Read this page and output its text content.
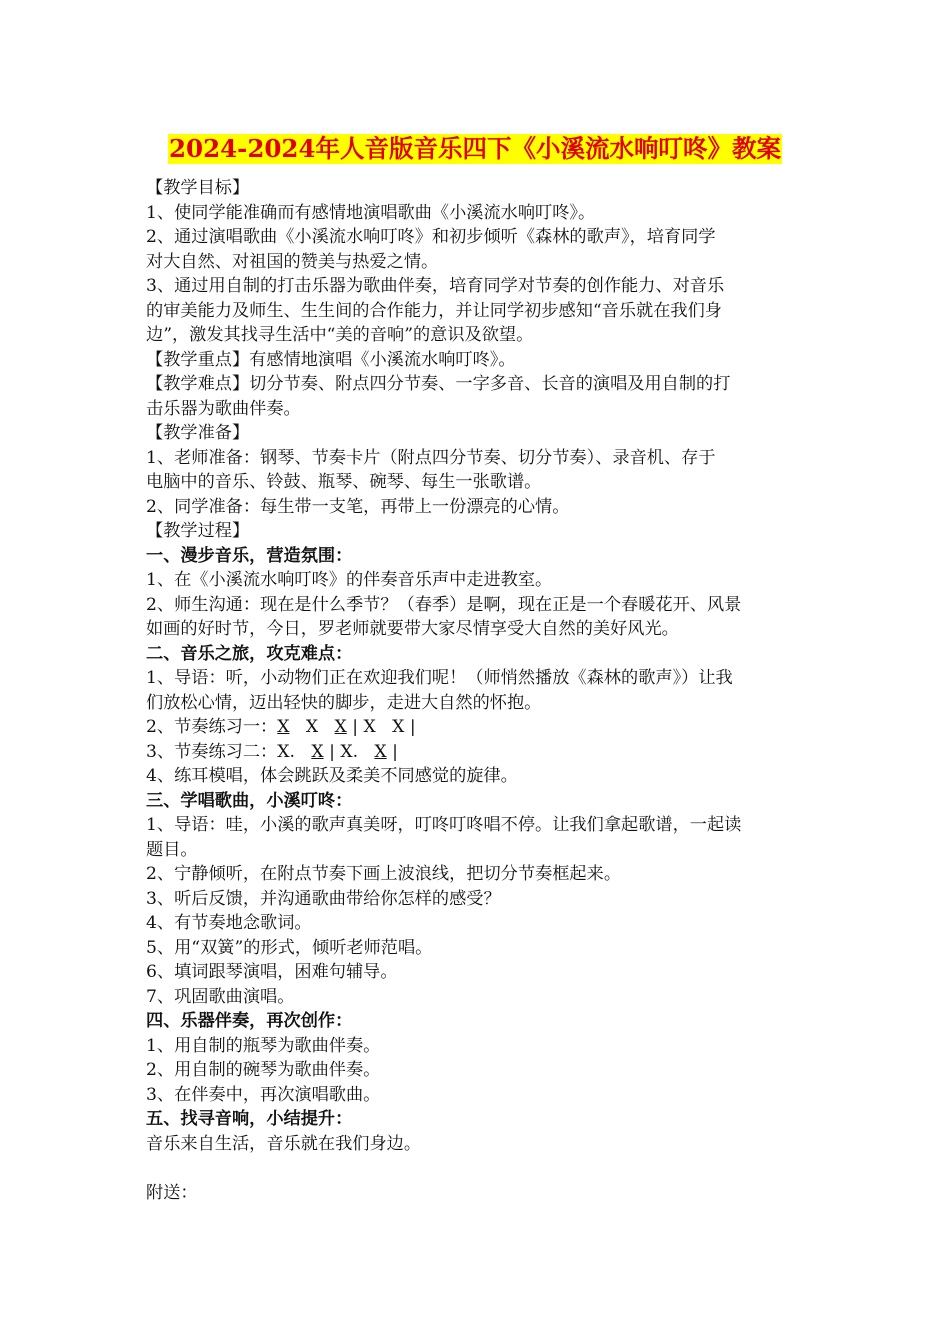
2024-2024年人音版音乐四下《小溪流水响叮咚》教案
【教学目标】
1、使同学能准确而有感情地演唱歌曲《小溪流水响叮咚》。
2、通过演唱歌曲《小溪流水响叮咚》和初步倾听《森林的歌声》，培育同学
对大自然、对祖国的赞美与热爱之情。
3、通过用自制的打击乐器为歌曲伴奏，培育同学对节奏的创作能力、对音乐
的审美能力及师生、生生间的合作能力，并让同学初步感知“音乐就在我们身
边”，激发其找寻生活中“美的音响”的意识及欲望。
【教学重点】有感情地演唱《小溪流水响叮咚》。
【教学难点】切分节奏、附点四分节奏、一字多音、长音的演唱及用自制的打
击乐器为歌曲伴奏。
【教学准备】
1、老师准备：钢琴、节奏卡片（附点四分节奏、切分节奏）、录音机、存于
电脑中的音乐、铃鼓、瓶琴、碗琴、每生一张歌谱。
2、同学准备：每生带一支笔，再带上一份漂亮的心情。
【教学过程】
一、漫步音乐，营造氛围：
1、在《小溪流水响叮咚》的伴奏音乐声中走进教室。
2、师生沟通：现在是什么季节？（春季）是啊，现在正是一个春暖花开、风景
如画的好时节，今日，罗老师就要带大家尽情享受大自然的美好风光。
二、音乐之旅，攻克难点：
1、导语：听，小动物们正在欢迎我们呢！（师悄然播放《森林的歌声》）让我
们放松心情，迈出轻快的脚步，走进大自然的怀抱。
2、节奏练习一：X X X | X X |
3、节奏练习二：X. X | X. X |
4、练耳模唱，体会跳跃及柔美不同感觉的旋律。
三、学唱歌曲，小溪叮咚：
1、导语：哇，小溪的歌声真美呀，叮咚叮咚唱不停。让我们拿起歌谱，一起读
题目。
2、宁静倾听，在附点节奏下画上波浪线，把切分节奏框起来。
3、听后反馈，并沟通歌曲带给你怎样的感受？
4、有节奏地念歌词。
5、用“双簧”的形式，倾听老师范唱。
6、填词跟琴演唱，困难句辅导。
7、巩固歌曲演唱。
四、乐器伴奏，再次创作：
1、用自制的瓶琴为歌曲伴奏。
2、用自制的碗琴为歌曲伴奏。
3、在伴奏中，再次演唱歌曲。
五、找寻音响，小结提升：
音乐来自生活，音乐就在我们身边。
附送：
